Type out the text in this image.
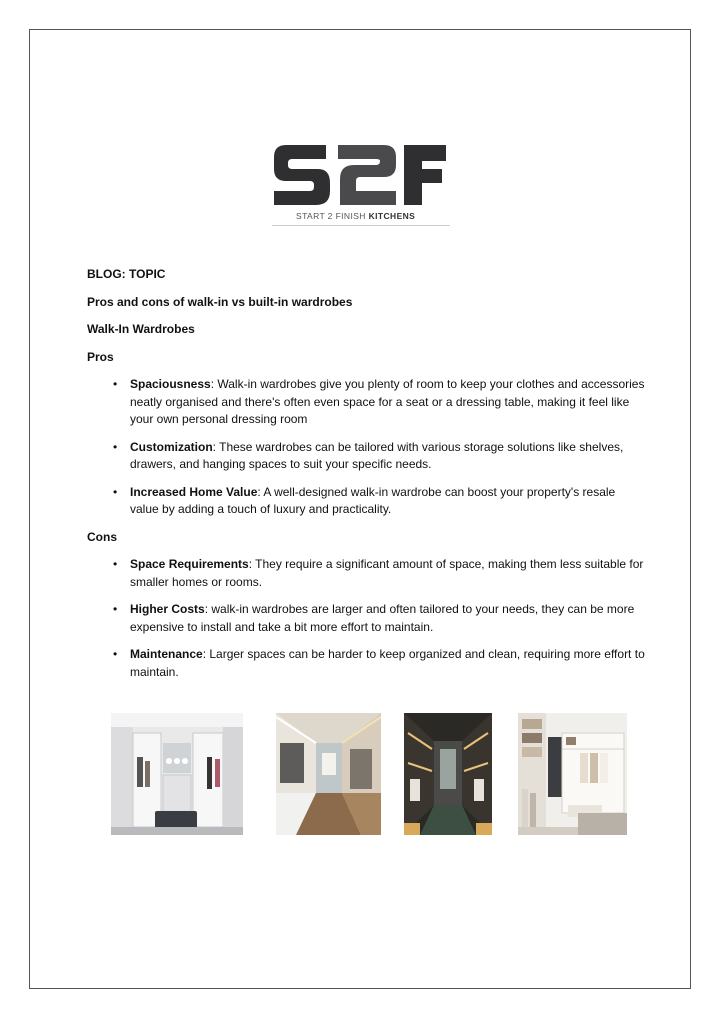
START 2 FINISH KITCHENS

BLOG: TOPIC

Pros and cons of walk-in vs built-in wardrobes

Walk-In Wardrobes

Pros

• Spaciousness: Walk-in wardrobes give you plenty of room to keep your clothes and accessories neatly organised and there's often even space for a seat or a dressing table, making it feel like your own personal dressing room
• Customization: These wardrobes can be tailored with various storage solutions like shelves, drawers, and hanging spaces to suit your specific needs.
• Increased Home Value: A well-designed walk-in wardrobe can boost your property's resale value by adding a touch of luxury and practicality.

Cons

• Space Requirements: They require a significant amount of space, making them less suitable for smaller homes or rooms.
• Higher Costs: walk-in wardrobes are larger and often tailored to your needs, they can be more expensive to install and take a bit more effort to maintain.
• Maintenance: Larger spaces can be harder to keep organized and clean, requiring more effort to maintain.
